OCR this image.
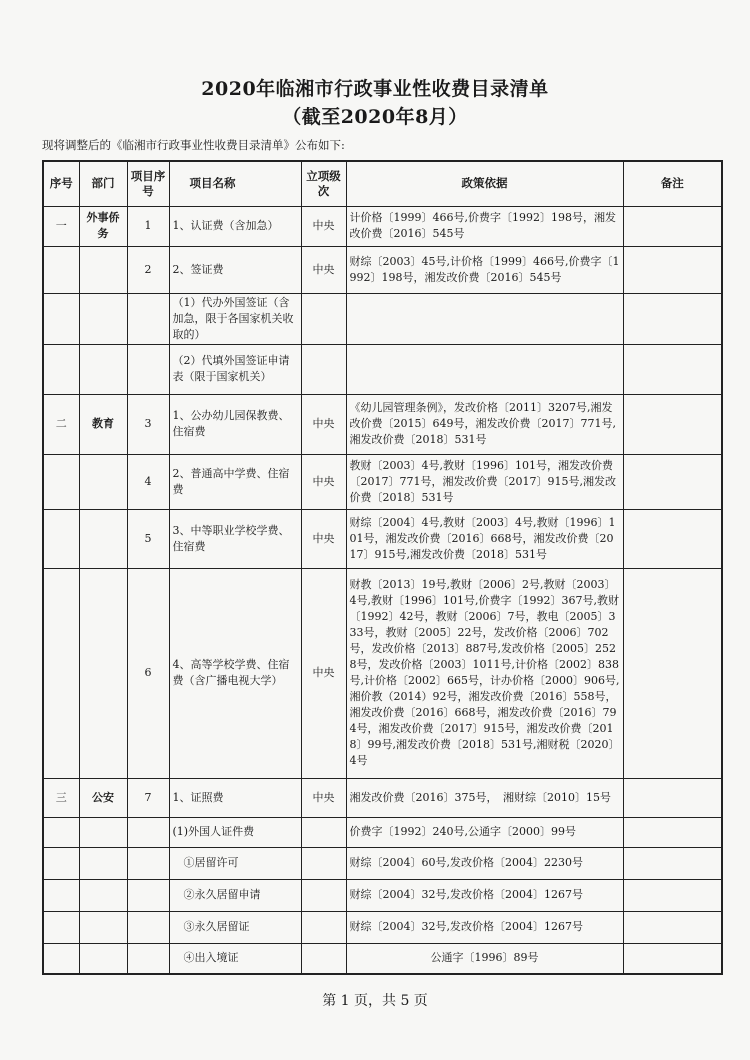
2020年临湘市行政事业性收费目录清单
（截至2020年8月）
现将调整后的《临湘市行政事业性收费目录清单》公布如下:
序号	部门	项目序号	项目名称	立项级次	政策依据	备注
一	外事侨务	1	1、认证费（含加急）	中央	计价格〔1999〕466号,价费字〔1992〕198号，湘发改价费〔2016〕545号	
		2	2、签证费	中央	财综〔2003〕45号,计价格〔1999〕466号,价费字〔1992〕198号，湘发改价费〔2016〕545号	
			（1）代办外国签证（含加急，限于各国家机关收取的）			
			（2）代填外国签证申请表（限于国家机关）			
二	教育	3	1、公办幼儿园保教费、住宿费	中央	《幼儿园管理条例》，发改价格〔2011〕3207号,湘发改价费〔2015〕649号，湘发改价费〔2017〕771号,湘发改价费〔2018〕531号	
		4	2、普通高中学费、住宿费	中央	教财〔2003〕4号,教财〔1996〕101号，湘发改价费〔2017〕771号，湘发改价费〔2017〕915号,湘发改价费〔2018〕531号	
		5	3、中等职业学校学费、住宿费	中央	财综〔2004〕4号,教财〔2003〕4号,教财〔1996〕101号，湘发改价费〔2016〕668号，湘发改价费〔2017〕915号,湘发改价费〔2018〕531号	
		6	4、高等学校学费、住宿费（含广播电视大学）	中央	财教〔2013〕19号,教财〔2006〕2号,教财〔2003〕4号,教财〔1996〕101号,价费字〔1992〕367号,教财〔1992〕42号，教财〔2006〕7号，教电〔2005〕333号，教财〔2005〕22号，发改价格〔2006〕702号，发改价格〔2013〕887号,发改价格〔2005〕2528号，发改价格〔2003〕1011号,计价格〔2002〕838号,计价格〔2002〕665号，计办价格〔2000〕906号,湘价教（2014）92号，湘发改价费〔2016〕558号，湘发改价费〔2016〕668号，湘发改价费〔2016〕794号，湘发改价费〔2017〕915号，湘发改价费〔2018〕99号,湘发改价费〔2018〕531号,湘财税〔2020〕4号	
三	公安	7	1、证照费	中央	湘发改价费〔2016〕375号，　湘财综〔2010〕15号	
			(1)外国人证件费		价费字〔1992〕240号,公通字〔2000〕99号	
			①居留许可		财综〔2004〕60号,发改价格〔2004〕2230号	
			②永久居留申请		财综〔2004〕32号,发改价格〔2004〕1267号	
			③永久居留证		财综〔2004〕32号,发改价格〔2004〕1267号	
			④出入境证		公通字〔1996〕89号	
第 1 页，共 5 页
